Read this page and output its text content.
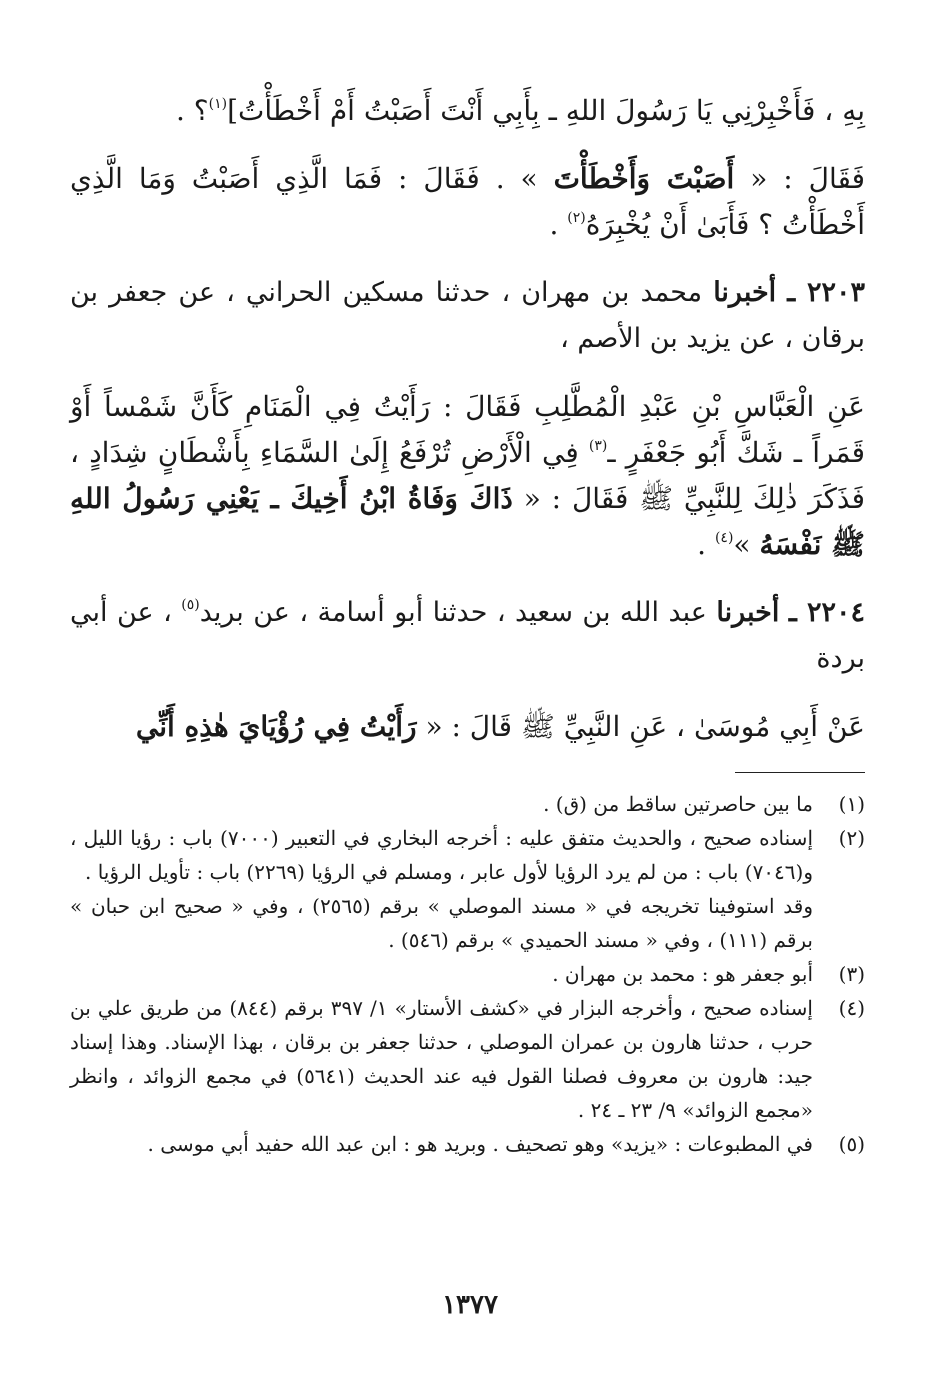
بِهِ ، فَأَخْبِرْنِي يَا رَسُولَ اللهِ ـ بِأَبِي أَنْتَ أَصَبْتُ أَمْ أَخْطَأْتُ]$^{(١)}$؟ .

فَقَالَ : « أَصَبْتَ وَأَخْطَأْتَ » . فَقَالَ : فَمَا الَّذِي أَصَبْتُ وَمَا الَّذِي أَخْطَأْتُ ؟ فَأَبَىٰ أَنْ يُخْبِرَهُ$^{(٢)}$ .

٢٢٠٣ ـ أخبرنا محمد بن مهران ، حدثنا مسكين الحراني ، عن جعفر بن برقان ، عن يزيد بن الأصم ،

عَنِ الْعَبَّاسِ بْنِ عَبْدِ الْمُطَّلِبِ فَقَالَ : رَأَيْتُ فِي الْمَنَامِ كَأَنَّ شَمْساً أَوْ قَمَراً ـ شَكَّ أَبُو جَعْفَرٍ ـ$^{(٣)}$ فِي الْأَرْضِ تُرْفَعُ إِلَىٰ السَّمَاءِ بِأَشْطَانٍ شِدَادٍ ، فَذَكَرَ ذٰلِكَ لِلنَّبِيِّ ﷺ فَقَالَ : « ذَاكَ وَفَاةُ ابْنُ أَخِيكَ ـ يَعْنِي رَسُولُ اللهِ ﷺ نَفْسَهُ »$^{(٤)}$ .

٢٢٠٤ ـ أخبرنا عبد الله بن سعيد ، حدثنا أبو أسامة ، عن بريد$^{(٥)}$ ، عن أبي بردة

عَنْ أَبِي مُوسَىٰ ، عَنِ النَّبِيِّ ﷺ قَالَ : « رَأَيْتُ فِي رُؤْيَايَ هٰذِهِ أَنِّي

(١)

ما بين حاصرتين ساقط من (ق) .

(٢)

إسناده صحيح ، والحديث متفق عليه : أخرجه البخاري في التعبير (٧٠٠٠) باب : رؤيا الليل ، و(٧٠٤٦) باب : من لم يرد الرؤيا لأول عابر ، ومسلم في الرؤيا (٢٢٦٩) باب : تأويل الرؤيا .

وقد استوفينا تخريجه في « مسند الموصلي » برقم (٢٥٦٥) ، وفي « صحيح ابن حبان » برقم (١١١) ، وفي « مسند الحميدي » برقم (٥٤٦) .

(٣)

أبو جعفر هو : محمد بن مهران .

(٤)

إسناده صحيح ، وأخرجه البزار في «كشف الأستار» ١/ ٣٩٧ برقم (٨٤٤) من طريق علي بن حرب ، حدثنا هارون بن عمران الموصلي ، حدثنا جعفر بن برقان ، بهذا الإسناد. وهذا إسناد جيد: هارون بن معروف فصلنا القول فيه عند الحديث (٥٦٤١) في مجمع الزوائد ، وانظر «مجمع الزوائد» ٩/ ٢٣ ـ ٢٤ .

(٥)

في المطبوعات : «يزيد» وهو تصحيف . وبريد هو : ابن عبد الله حفيد أبي موسى .

١٣٧٧
